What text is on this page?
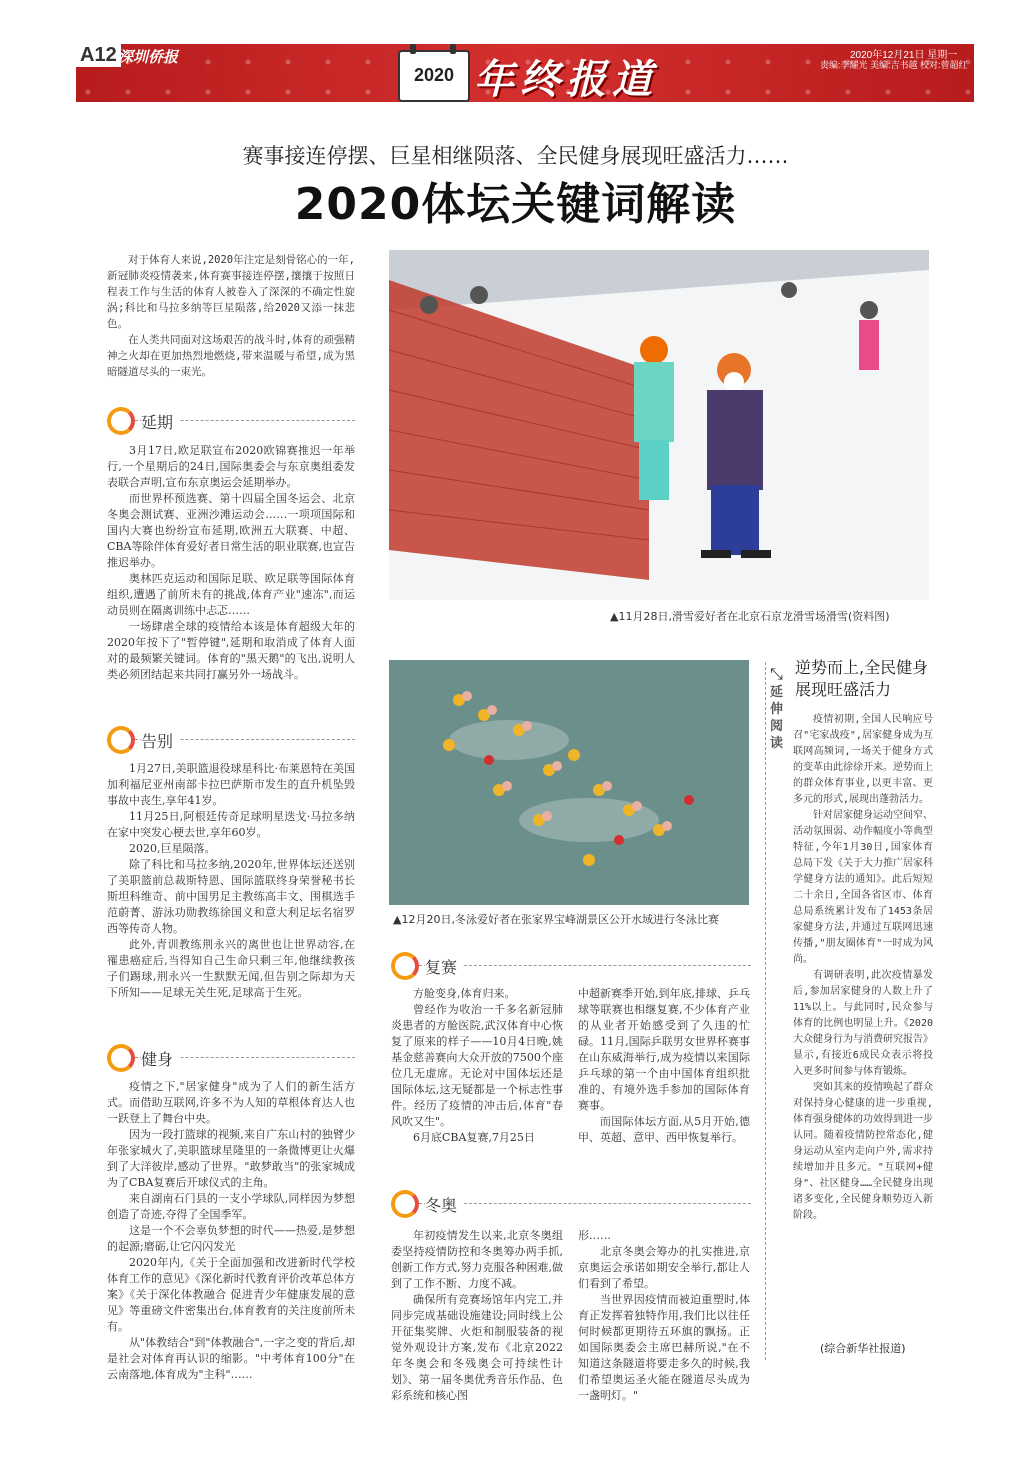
A12 深圳侨报
2020 年终报道
2020年12月21日 星期一
责编:李耀光 美编:吉书越 校对:曾超红
赛事接连停摆、巨星相继陨落、全民健身展现旺盛活力……
2020体坛关键词解读

对于体育人来说,2020年注定是刻骨铭心的一年,新冠肺炎疫情袭来,体育赛事接连停摆,攘攘于按照日程表工作与生活的体育人被卷入了深深的不确定性旋涡;科比和马拉多纳等巨星陨落,给2020又添一抹悲色。

在人类共同面对这场艰苦的战斗时,体育的顽强精神之火却在更加热烈地燃烧,带来温暖与希望,成为黑暗隧道尽头的一束光。

延期

3月17日,欧足联宣布2020欧锦赛推迟一年举行,一个星期后的24日,国际奥委会与东京奥组委发表联合声明,宣布东京奥运会延期举办。

而世界杯预选赛、第十四届全国冬运会、北京冬奥会测试赛、亚洲沙滩运动会……一项项国际和国内大赛也纷纷宣布延期,欧洲五大联赛、中超、CBA等除伴体育爱好者日常生活的职业联赛,也宣告推迟举办。

奥林匹克运动和国际足联、欧足联等国际体育组织,遭遇了前所未有的挑战,体育产业"速冻",而运动员则在隔离训练中忐忑……

一场肆虐全球的疫情给本该是体育超级大年的2020年按下了"暂停键",延期和取消成了体育人面对的最频繁关键词。体育的"黑天鹅"的飞出,说明人类必须团结起来共同打赢另外一场战斗。

告别

1月27日,美职篮退役球星科比·布莱恩特在美国加利福尼亚州南部卡拉巴萨斯市发生的直升机坠毁事故中丧生,享年41岁。

11月25日,阿根廷传奇足球明星迭戈·马拉多纳在家中突发心梗去世,享年60岁。

2020,巨星陨落。

除了科比和马拉多纳,2020年,世界体坛还送别了美职篮前总裁斯特恩、国际篮联终身荣誉秘书长斯坦科维奇、前中国男足主教练高丰文、围棋选手范蔚菁、游泳功勋教练徐国义和意大利足坛名宿罗西等传奇人物。

此外,青训教练荆永兴的离世也让世界动容,在罹患癌症后,当得知自己生命只剩三年,他继续教孩子们踢球,荆永兴一生默默无闻,但告别之际却为天下所知——足球无关生死,足球高于生死。

健身

疫情之下,"居家健身"成为了人们的新生活方式。而借助互联网,许多不为人知的草根体育达人也一跃登上了舞台中央。

因为一段打篮球的视频,来自广东山村的独臂少年张家城火了,美职篮球星隆里的一条微博更让火爆到了大洋彼岸,感动了世界。"敢梦敢当"的张家城成为了CBA复赛后开球仪式的主角。

来自湖南石门县的一支小学球队,同样因为梦想创造了奇迹,夺得了全国季军。

这是一个不会辜负梦想的时代——热爱,是梦想的起源;磨砺,让它闪闪发光

2020年内,《关于全面加强和改进新时代学校体育工作的意见》《深化新时代教育评价改革总体方案》《关于深化体教融合 促进青少年健康发展的意见》等重磅文件密集出台,体育教育的关注度前所未有。

从"体教结合"到"体教融合",一字之变的背后,却是社会对体育再认识的缩影。"中考体育100分"在云南落地,体育成为"主科"……

▲11月28日,滑雪爱好者在北京石京龙滑雪场滑雪(资料图)
▲12月20日,冬泳爱好者在张家界宝峰湖景区公开水域进行冬泳比赛
复赛

方舱变身,体育归来。

曾经作为收治一千多名新冠肺炎患者的方舱医院,武汉体育中心恢复了原来的样子——10月4日晚,姚基金慈善赛向大众开放的7500个座位几无虚席。无论对中国体坛还是国际体坛,这无疑都是一个标志性事件。经历了疫情的冲击后,体育"春风吹又生"。

6月底CBA复赛,7月25日

中超新赛季开始,到年底,排球、乒乓球等联赛也相继复赛,不少体育产业的从业者开始感受到了久违的忙碌。11月,国际乒联男女世界杯赛事在山东威海举行,成为疫情以来国际乒乓球的第一个由中国体育组织批准的、有境外选手参加的国际体育赛事。

而国际体坛方面,从5月开始,德甲、英超、意甲、西甲恢复举行。

冬奥

年初疫情发生以来,北京冬奥组委坚持疫情防控和冬奥筹办两手抓,创新工作方式,努力克服各种困难,做到了工作不断、力度不减。

确保所有竞赛场馆年内完工,并同步完成基础设施建设;同时线上公开征集奖牌、火炬和制服装备的视觉外观设计方案,发布《北京2022年冬奥会和冬残奥会可持续性计划》、第一届冬奥优秀音乐作品、色彩系统和核心图

形……

北京冬奥会筹办的扎实推进,京京奥运会承诺如期安全举行,都让人们看到了希望。

当世界因疫情而被迫重塑时,体育正发挥着独特作用,我们比以往任何时候都更期待五环旗的飘扬。正如国际奥委会主席巴赫所说,"在不知道这条隧道将要走多久的时候,我们希望奥运圣火能在隧道尽头成为一盏明灯。"

⤡
延伸阅读
逆势而上,全民健身展现旺盛活力

疫情初期,全国人民响应号召"宅家战疫",居家健身成为互联网高频词,一场关于健身方式的变革由此徐徐开来。逆势而上的群众体育事业,以更丰富、更多元的形式,展现出蓬勃活力。

针对居家健身运动空间窄、活动氛围弱、动作幅度小等典型特征,今年1月30日,国家体育总局下发《关于大力推广居家科学健身方法的通知》。此后短短二十余日,全国各省区市、体育总局系统累计发布了1453条居家健身方法,并通过互联网迅速传播,"朋友圈体育"一时成为风尚。

有调研表明,此次疫情暴发后,参加居家健身的人数上升了11%以上。与此同时,民众参与体育的比例也明显上升。《2020大众健身行为与消费研究报告》显示,有接近6成民众表示将投入更多时间参与体育锻炼。

突如其来的疫情唤起了群众对保持身心健康的进一步重视,体育强身健体的功效得到进一步认同。随着疫情防控常态化,健身运动从室内走向户外,需求持续增加并且多元。"互联网+健身"、社区健身……全民健身出现诸多变化,全民健身顺势迈入新阶段。

(综合新华社报道)
